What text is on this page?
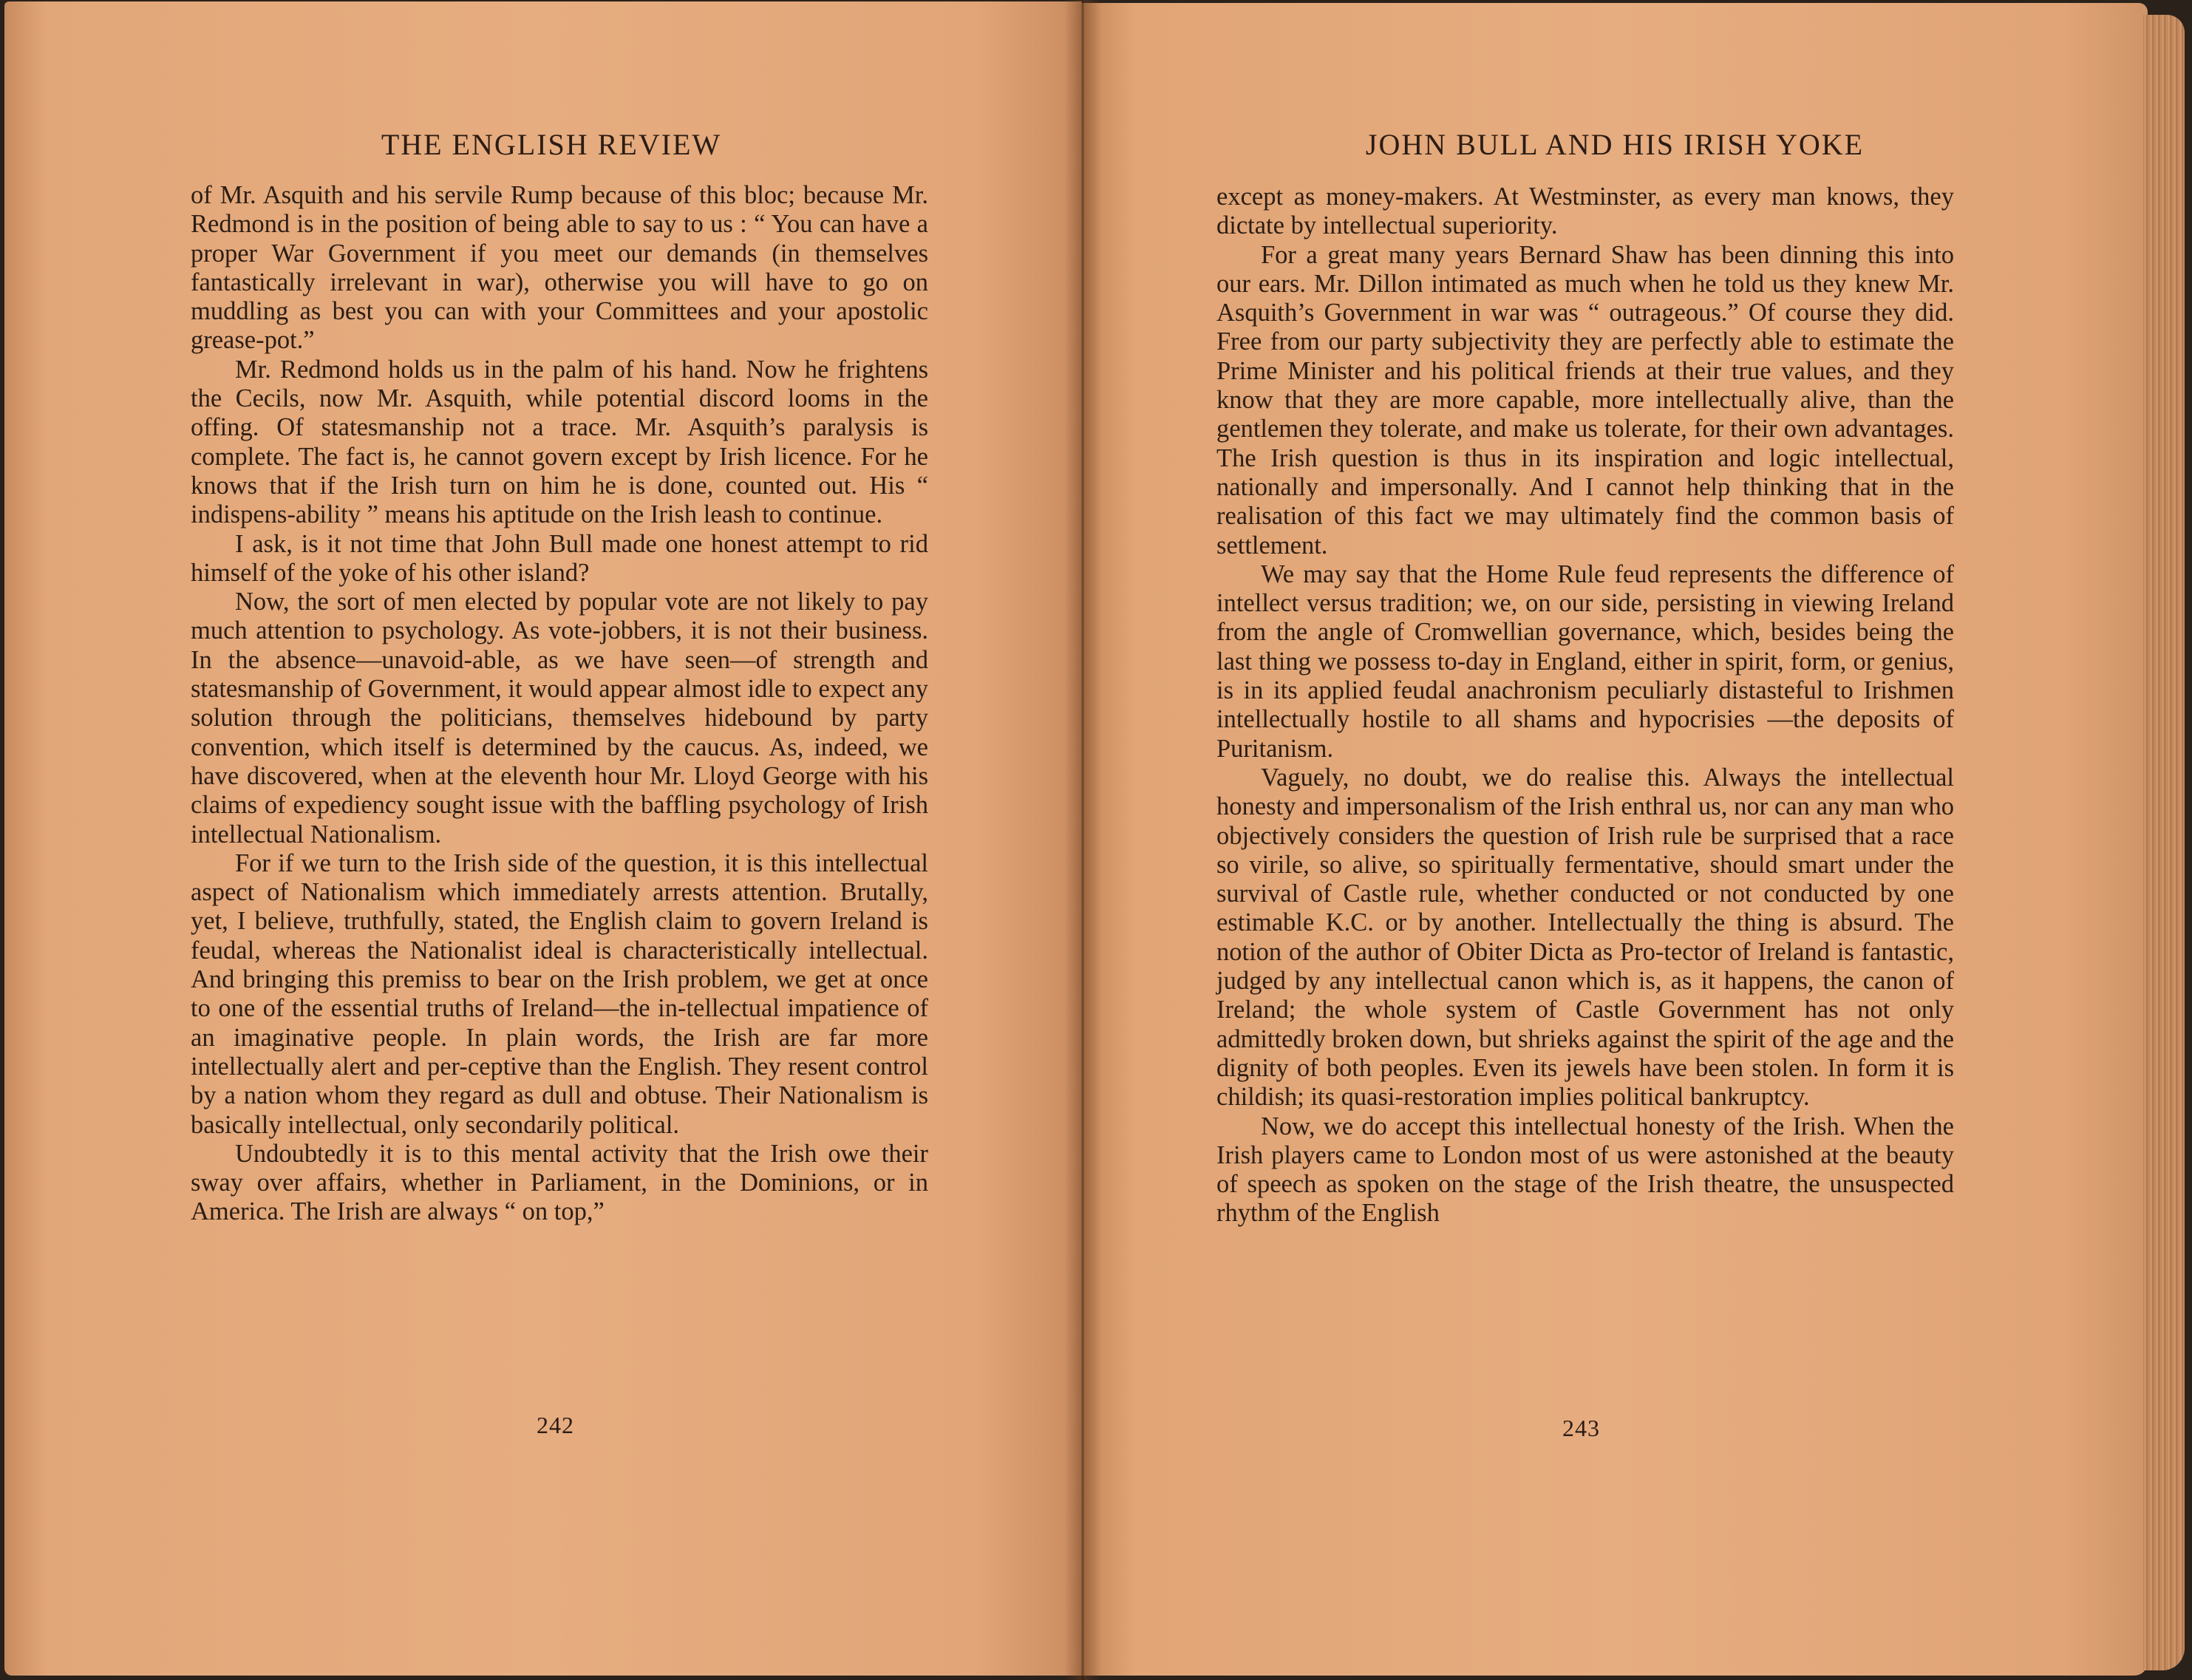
THE ENGLISH REVIEW

of Mr. Asquith and his servile Rump because of this bloc; because Mr. Redmond is in the position of being able to say to us : “ You can have a proper War Government if you meet our demands (in themselves fantastically irrelevant in war), otherwise you will have to go on muddling as best you can with your Committees and your apostolic grease-pot.”

Mr. Redmond holds us in the palm of his hand. Now he frightens the Cecils, now Mr. Asquith, while potential discord looms in the offing. Of statesmanship not a trace. Mr. Asquith’s paralysis is complete. The fact is, he cannot govern except by Irish licence. For he knows that if the Irish turn on him he is done, counted out. His “ indispens-ability ” means his aptitude on the Irish leash to continue.

I ask, is it not time that John Bull made one honest attempt to rid himself of the yoke of his other island?

Now, the sort of men elected by popular vote are not likely to pay much attention to psychology. As vote-jobbers, it is not their business. In the absence—unavoid-able, as we have seen—of strength and statesmanship of Government, it would appear almost idle to expect any solution through the politicians, themselves hidebound by party convention, which itself is determined by the caucus. As, indeed, we have discovered, when at the eleventh hour Mr. Lloyd George with his claims of expediency sought issue with the baffling psychology of Irish intellectual Nationalism.

For if we turn to the Irish side of the question, it is this intellectual aspect of Nationalism which immediately arrests attention. Brutally, yet, I believe, truthfully, stated, the English claim to govern Ireland is feudal, whereas the Nationalist ideal is characteristically intellectual. And bringing this premiss to bear on the Irish problem, we get at once to one of the essential truths of Ireland—the in-tellectual impatience of an imaginative people. In plain words, the Irish are far more intellectually alert and per-ceptive than the English. They resent control by a nation whom they regard as dull and obtuse. Their Nationalism is basically intellectual, only secondarily political.

Undoubtedly it is to this mental activity that the Irish owe their sway over affairs, whether in Parliament, in the Dominions, or in America. The Irish are always “ on top,”

242
JOHN BULL AND HIS IRISH YOKE

except as money-makers. At Westminster, as every man knows, they dictate by intellectual superiority.

For a great many years Bernard Shaw has been dinning this into our ears. Mr. Dillon intimated as much when he told us they knew Mr. Asquith’s Government in war was “ outrageous.” Of course they did. Free from our party subjectivity they are perfectly able to estimate the Prime Minister and his political friends at their true values, and they know that they are more capable, more intellectually alive, than the gentlemen they tolerate, and make us tolerate, for their own advantages. The Irish question is thus in its inspiration and logic intellectual, nationally and impersonally. And I cannot help thinking that in the realisation of this fact we may ultimately find the common basis of settlement.

We may say that the Home Rule feud represents the difference of intellect versus tradition; we, on our side, persisting in viewing Ireland from the angle of Cromwellian governance, which, besides being the last thing we possess to-day in England, either in spirit, form, or genius, is in its applied feudal anachronism peculiarly distasteful to Irishmen intellectually hostile to all shams and hypocrisies —the deposits of Puritanism.

Vaguely, no doubt, we do realise this. Always the intellectual honesty and impersonalism of the Irish enthral us, nor can any man who objectively considers the question of Irish rule be surprised that a race so virile, so alive, so spiritually fermentative, should smart under the survival of Castle rule, whether conducted or not conducted by one estimable K.C. or by another. Intellectually the thing is absurd. The notion of the author of Obiter Dicta as Pro-tector of Ireland is fantastic, judged by any intellectual canon which is, as it happens, the canon of Ireland; the whole system of Castle Government has not only admittedly broken down, but shrieks against the spirit of the age and the dignity of both peoples. Even its jewels have been stolen. In form it is childish; its quasi-restoration implies political bankruptcy.

Now, we do accept this intellectual honesty of the Irish. When the Irish players came to London most of us were astonished at the beauty of speech as spoken on the stage of the Irish theatre, the unsuspected rhythm of the English

243
